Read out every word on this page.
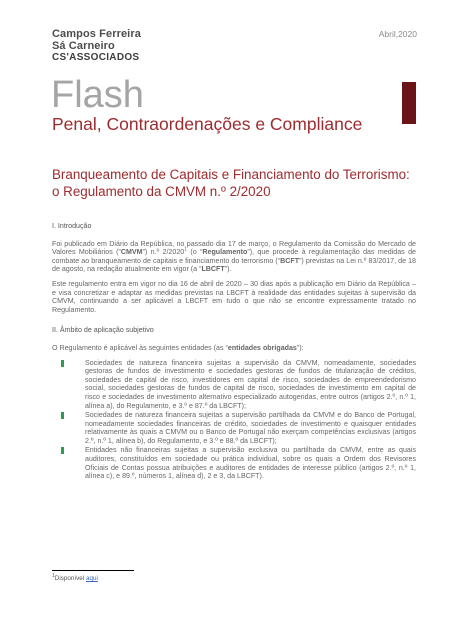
Campos Ferreira
Sá Carneiro
CS'ASSOCIADOS
Abril,2020
Flash
Penal, Contraordenações e Compliance
Branqueamento de Capitais e Financiamento do Terrorismo: o Regulamento da CMVM n.º 2/2020
I. Introdução
Foi publicado em Diário da República, no passado dia 17 de março, o Regulamento da Comissão do Mercado de Valores Mobiliários (“CMVM”) n.º 2/2020$^1$ (o “Regulamento”), que procede à regulamentação das medidas de combate ao branqueamento de capitais e financiamento do terrorismo (“BCFT”) previstas na Lei n.º 83/2017, de 18 de agosto, na redação atualmente em vigor (a “LBCFT”).
Este regulamento entra em vigor no dia 16 de abril de 2020 – 30 dias após a publicação em Diário da República – e visa concretizar e adaptar as medidas previstas na LBCFT à realidade das entidades sujeitas à supervisão da CMVM, continuando a ser aplicável a LBCFT em tudo o que não se encontre expressamente tratado no Regulamento.
II. Âmbito de aplicação subjetivo
O Regulamento é aplicável às seguintes entidades (as “entidades obrigadas”):
Sociedades de natureza financeira sujeitas a supervisão da CMVM, nomeadamente, sociedades gestoras de fundos de investimento e sociedades gestoras de fundos de titularização de créditos, sociedades de capital de risco, investidores em capital de risco, sociedades de empreendedorismo social, sociedades gestoras de fundos de capital de risco, sociedades de investimento em capital de risco e sociedades de investimento alternativo especializado autogeridas, entre outros (artigos 2.º, n.º 1, alínea a), do Regulamento, e 3.º e 87.º da LBCFT);
Sociedades de natureza financeira sujeitas a supervisão partilhada da CMVM e do Banco de Portugal, nomeadamente sociedades financeiras de crédito, sociedades de investimento e quaisquer entidades relativamente às quais a CMVM ou o Banco de Portugal não exerçam competências exclusivas (artigos 2.º, n.º 1, alínea b), do Regulamento, e 3.º e 88.º da LBCFT);
Entidades não financeiras sujeitas a supervisão exclusiva ou partilhada da CMVM, entre as quais auditores, constituídos em sociedade ou prática individual, sobre os quais a Ordem dos Revisores Oficiais de Contas possua atribuições e auditores de entidades de interesse público (artigos 2.º, n.º 1, alínea c), e 89.º, números 1, alínea d), 2 e 3, da LBCFT).
$^1$Disponível aqui
